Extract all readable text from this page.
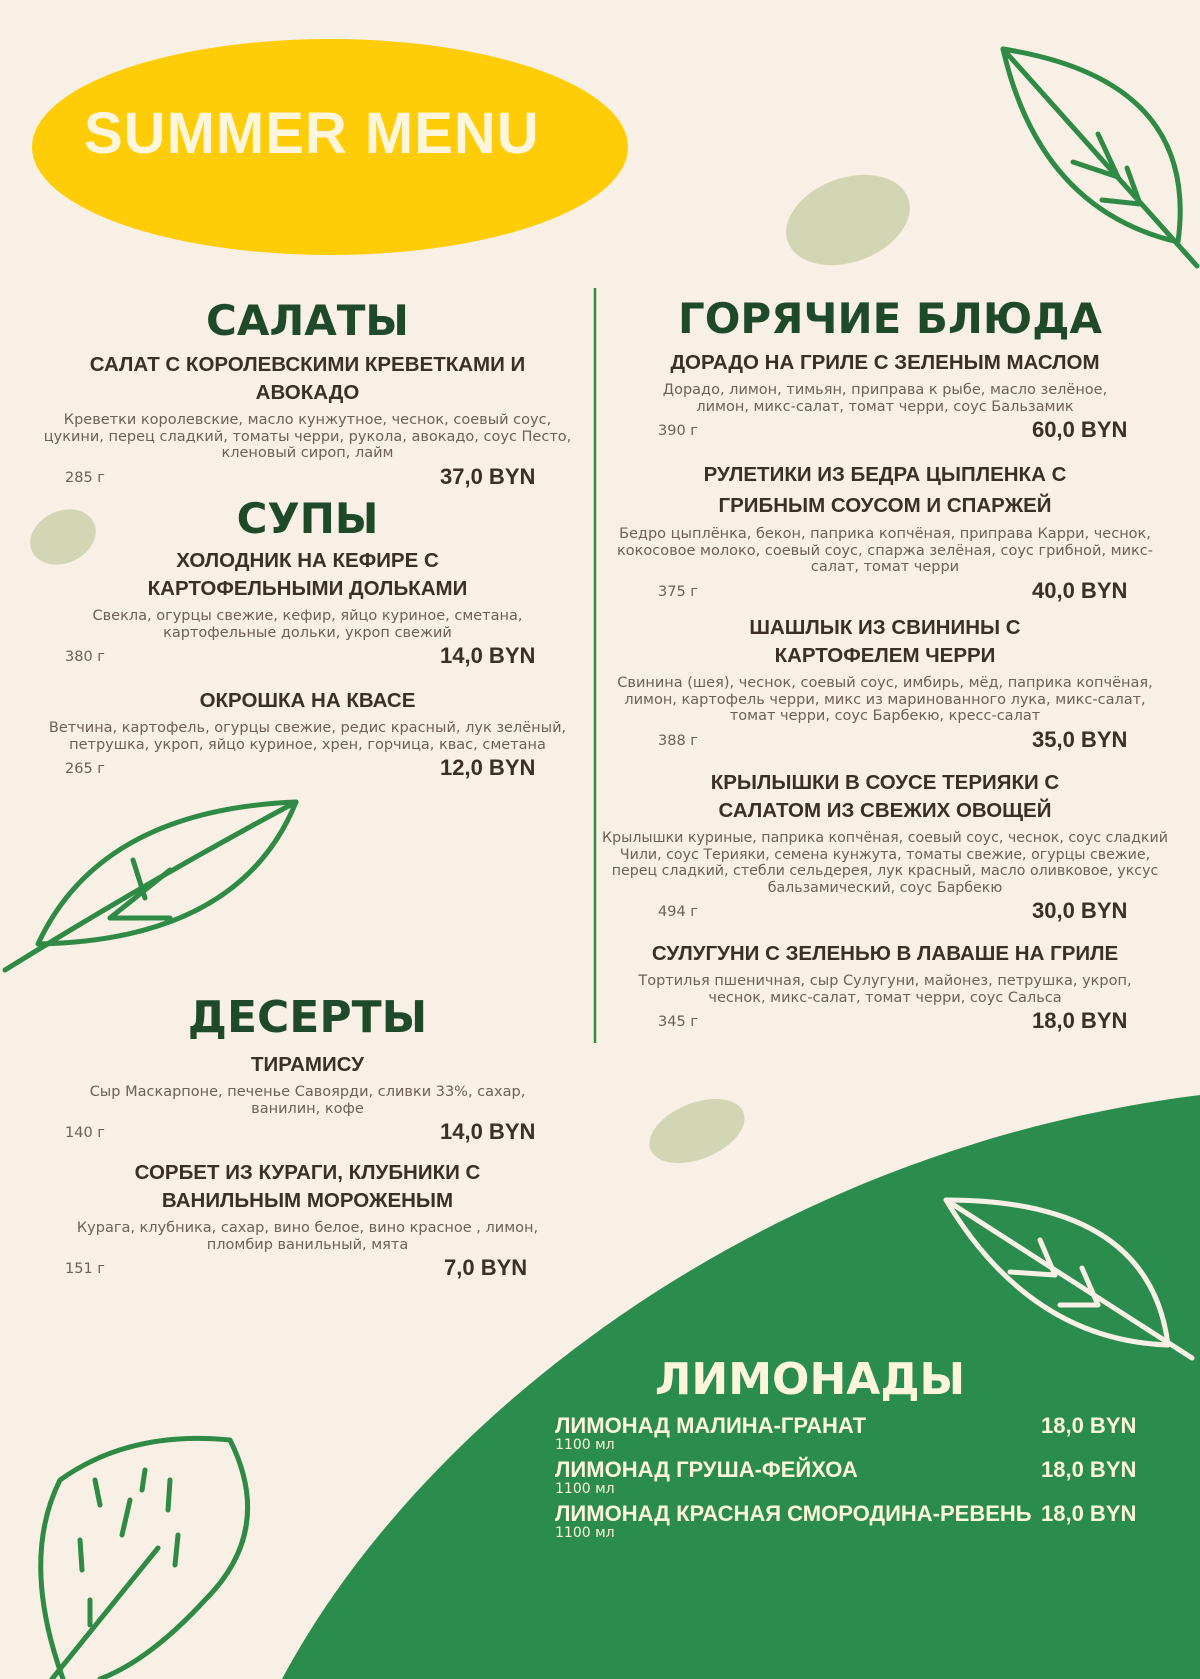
SUMMER MENU
САЛАТЫ
САЛАТ С КОРОЛЕВСКИМИ КРЕВЕТКАМИ И АВОКАДО
Креветки королевские, масло кунжутное, чеснок, соевый соус, цукини, перец сладкий, томаты черри, рукола, авокадо, соус Песто, кленовый сироп, лайм
285 г	37,0 BYN
СУПЫ
ХОЛОДНИК НА КЕФИРЕ С КАРТОФЕЛЬНЫМИ ДОЛЬКАМИ
Свекла, огурцы свежие, кефир, яйцо куриное, сметана, картофельные дольки, укроп свежий
380 г	14,0 BYN
ОКРОШКА НА КВАСЕ
Ветчина, картофель, огурцы свежие, редис красный, лук зелёный, петрушка, укроп, яйцо куриное, хрен, горчица, квас, сметана
265 г	12,0 BYN
ДЕСЕРТЫ
ТИРАМИСУ
Сыр Маскарпоне, печенье Савоярди, сливки 33%, сахар, ванилин, кофе
140 г	14,0 BYN
СОРБЕТ ИЗ КУРАГИ, КЛУБНИКИ С ВАНИЛЬНЫМ МОРОЖЕНЫМ
Курага, клубника, сахар, вино белое, вино красное , лимон, пломбир ванильный, мята
151 г	7,0 BYN
ГОРЯЧИЕ БЛЮДА
ДОРАДО НА ГРИЛЕ С ЗЕЛЕНЫМ МАСЛОМ
Дорадо, лимон, тимьян, приправа к рыбе, масло зелёное, лимон, микс-салат, томат черри, соус Бальзамик
390 г	60,0 BYN
РУЛЕТИКИ ИЗ БЕДРА ЦЫПЛЕНКА С ГРИБНЫМ СОУСОМ И СПАРЖЕЙ
Бедро цыплёнка, бекон, паприка копчёная, приправа Карри, чеснок, кокосовое молоко, соевый соус, спаржа зелёная, соус грибной, микс-салат, томат черри
375 г	40,0 BYN
ШАШЛЫК ИЗ СВИНИНЫ С КАРТОФЕЛЕМ ЧЕРРИ
Свинина (шея), чеснок, соевый соус, имбирь, мёд, паприка копчёная, лимон, картофель черри, микс из маринованного лука, микс-салат, томат черри, соус Барбекю, кресс-салат
388 г	35,0 BYN
КРЫЛЫШКИ В СОУСЕ ТЕРИЯКИ С САЛАТОМ ИЗ СВЕЖИХ ОВОЩЕЙ
Крылышки куриные, паприка копчёная, соевый соус, чеснок, соус сладкий Чили, соус Терияки, семена кунжута, томаты свежие, огурцы свежие, перец сладкий, стебли сельдерея, лук красный, масло оливковое, уксус бальзамический, соус Барбекю
494 г	30,0 BYN
СУЛУГУНИ С ЗЕЛЕНЬЮ В ЛАВАШЕ НА ГРИЛЕ
Тортилья пшеничная, сыр Сулугуни, майонез, петрушка, укроп, чеснок, микс-салат, томат черри, соус Сальса
345 г	18,0 BYN
ЛИМОНАДЫ
ЛИМОНАД МАЛИНА-ГРАНАТ
1100 мл
18,0 BYN
ЛИМОНАД ГРУША-ФЕЙХОА
1100 мл
18,0 BYN
ЛИМОНАД КРАСНАЯ СМОРОДИНА-РЕВЕНЬ
1100 мл
18,0 BYN
